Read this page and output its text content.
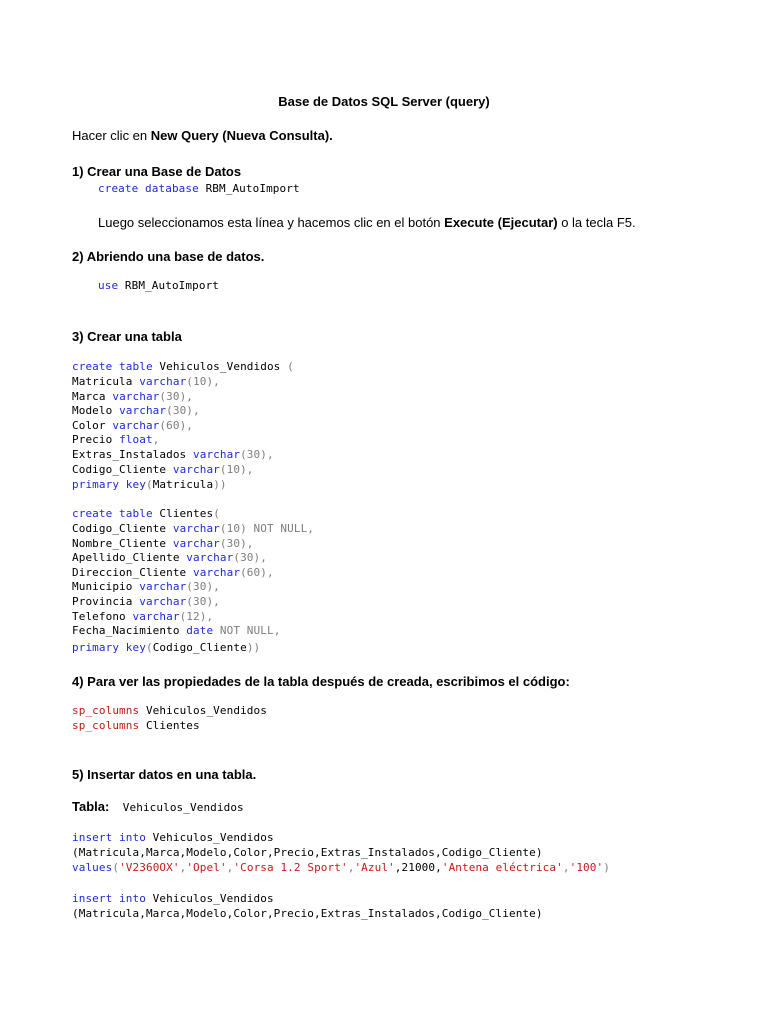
Base de Datos SQL Server (query)
Hacer clic en New Query (Nueva Consulta).
1) Crear una Base de Datos
create database RBM_AutoImport
Luego seleccionamos esta línea y hacemos clic en el botón Execute (Ejecutar) o la tecla F5.
2) Abriendo una base de datos.
use RBM_AutoImport
3) Crear una tabla
create table Vehiculos_Vendidos (
Matricula varchar(10),
Marca varchar(30),
Modelo varchar(30),
Color varchar(60),
Precio float,
Extras_Instalados varchar(30),
Codigo_Cliente varchar(10),
primary key(Matricula))
create table Clientes(
Codigo_Cliente varchar(10) NOT NULL,
Nombre_Cliente varchar(30),
Apellido_Cliente varchar(30),
Direccion_Cliente varchar(60),
Municipio varchar(30),
Provincia varchar(30),
Telefono varchar(12),
Fecha_Nacimiento date NOT NULL,
primary key(Codigo_Cliente))
4) Para ver las propiedades de la tabla después de creada, escribimos el código:
sp_columns Vehiculos_Vendidos
sp_columns Clientes
5) Insertar datos en una tabla.
Tabla:  Vehiculos_Vendidos
insert into Vehiculos_Vendidos
(Matricula,Marca,Modelo,Color,Precio,Extras_Instalados,Codigo_Cliente)
values('V2360OX','Opel','Corsa 1.2 Sport','Azul',21000,'Antena eléctrica','100')
insert into Vehiculos_Vendidos
(Matricula,Marca,Modelo,Color,Precio,Extras_Instalados,Codigo_Cliente)
